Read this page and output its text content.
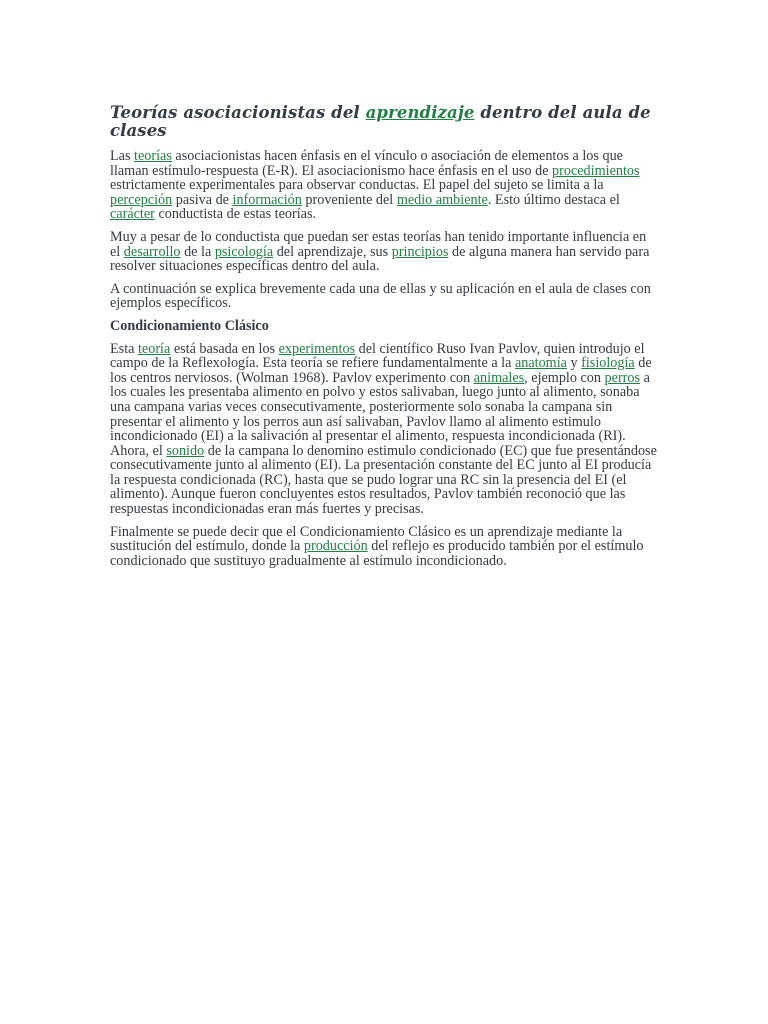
Teorías asociacionistas del aprendizaje dentro del aula de clases

Las teorías asociacionistas hacen énfasis en el vínculo o asociación de elementos a los que llaman estímulo-respuesta (E-R). El asociacionismo hace énfasis en el uso de procedimientos estrictamente experimentales para observar conductas. El papel del sujeto se limita a la percepción pasiva de información proveniente del medio ambiente. Esto último destaca el carácter conductista de estas teorías.

Muy a pesar de lo conductista que puedan ser estas teorías han tenido importante influencia en el desarrollo de la psicología del aprendizaje, sus principios de alguna manera han servido para resolver situaciones específicas dentro del aula.

A continuación se explica brevemente cada una de ellas y su aplicación en el aula de clases con ejemplos específicos.

Condicionamiento Clásico

Esta teoría está basada en los experimentos del científico Ruso Ivan Pavlov, quien introdujo el campo de la Reflexología. Esta teoría se refiere fundamentalmente a la anatomía y fisiología de los centros nerviosos. (Wolman 1968). Pavlov experimento con animales, ejemplo con perros a los cuales les presentaba alimento en polvo y estos salivaban, luego junto al alimento, sonaba una campana varias veces consecutivamente, posteriormente solo sonaba la campana sin presentar el alimento y los perros aun así salivaban, Pavlov llamo al alimento estimulo incondicionado (EI) a la salivación al presentar el alimento, respuesta incondicionada (RI). Ahora, el sonido de la campana lo denomino estimulo condicionado (EC) que fue presentándose consecutivamente junto al alimento (EI). La presentación constante del EC junto al EI producía la respuesta condicionada (RC), hasta que se pudo lograr una RC sin la presencia del EI (el alimento). Aunque fueron concluyentes estos resultados, Pavlov también reconoció que las respuestas incondicionadas eran más fuertes y precisas.

Finalmente se puede decir que el Condicionamiento Clásico es un aprendizaje mediante la sustitución del estímulo, donde la producción del reflejo es producido también por el estímulo condicionado que sustituyo gradualmente al estímulo incondicionado.
